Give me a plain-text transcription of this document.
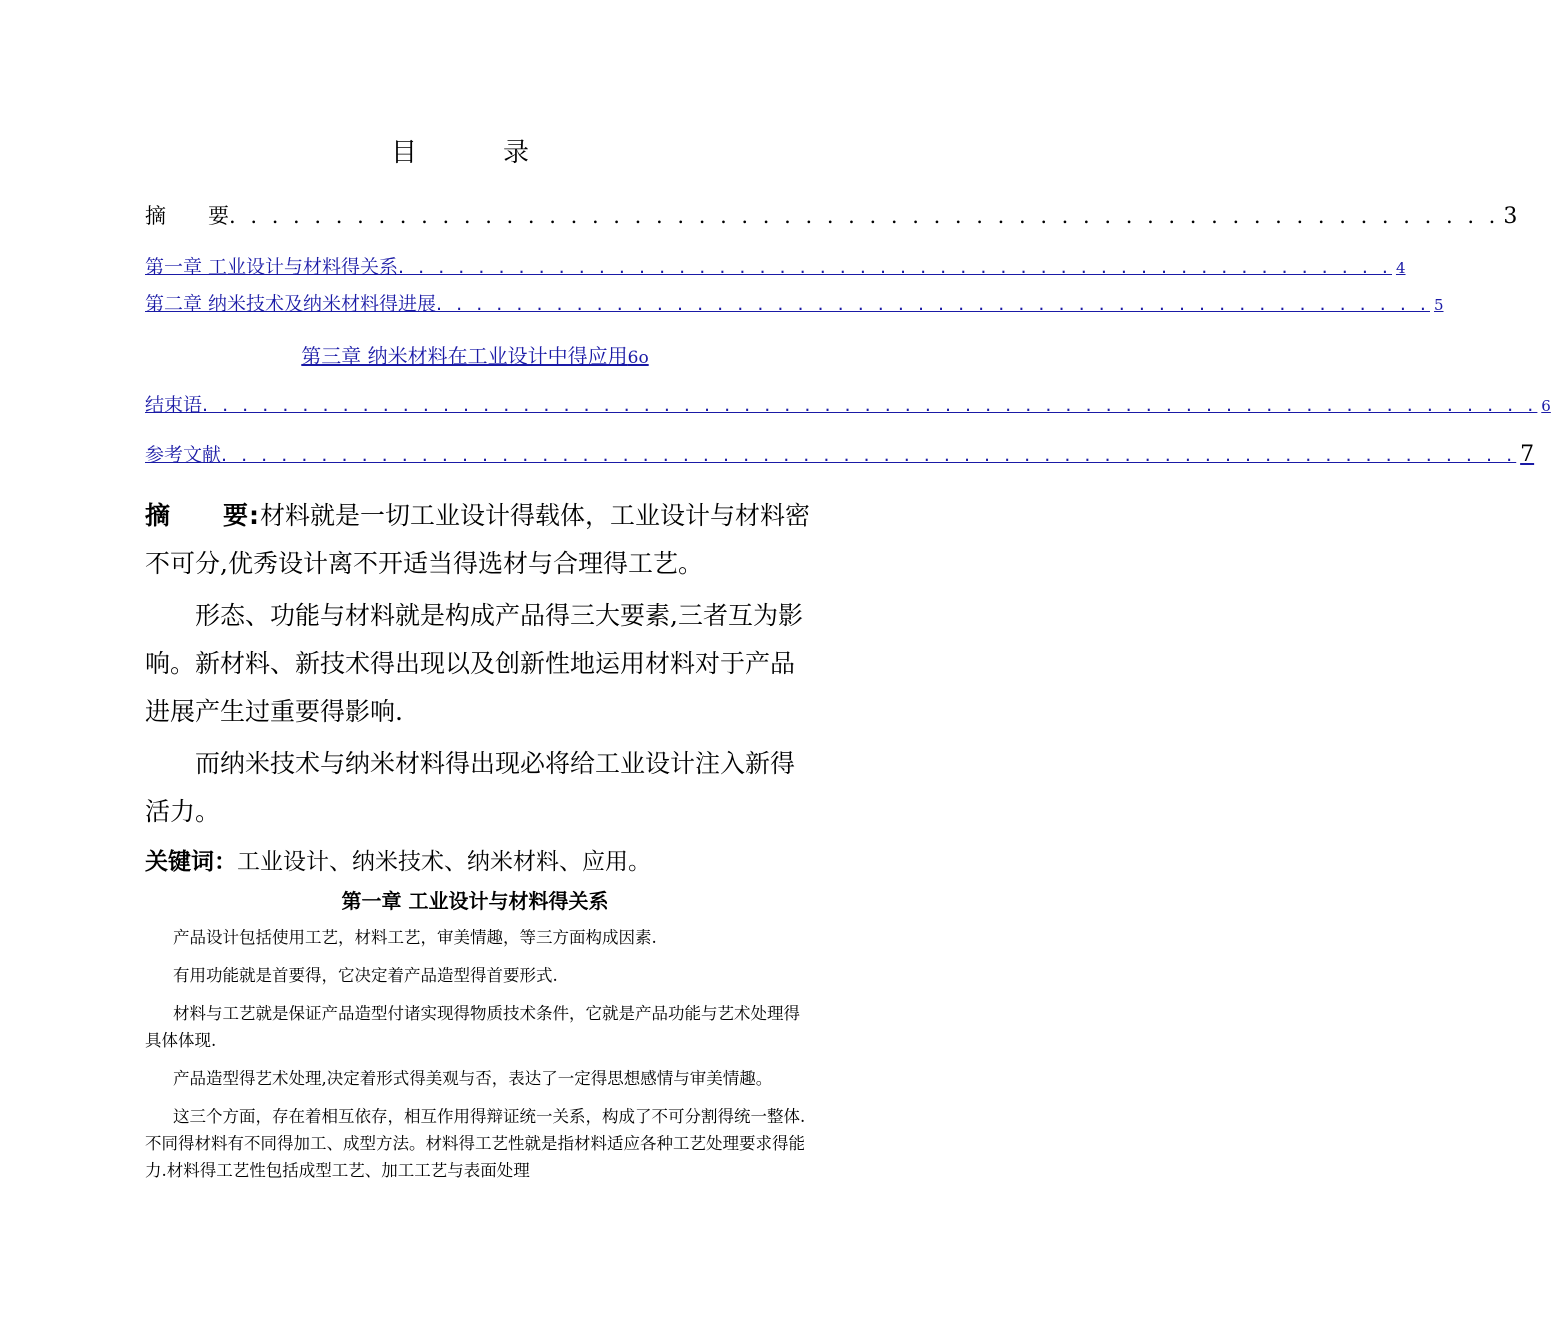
目　录
摘　　要 . . . . . . . . . . . . . . . . . . . . . . . . . . . . . . . . . . . . . . . . . . . . . . . . . . . . . . . . . . . . 3
第一章 工业设计与材料得关系 . . . . . . . . . . . . . . . . . . . . . . . . . . . . . . . . . . . . . . . . . . . . . . . . . . 4
第二章 纳米技术及纳米材料得进展 . . . . . . . . . . . . . . . . . . . . . . . . . . . . . . . . . . . . . . . . . . . . . . . . . . 5
第三章 纳米材料在工业设计中得应用6o
结束语 . . . . . . . . . . . . . . . . . . . . . . . . . . . . . . . . . . . . . . . . . . . . . . . . . . . . . . . . . . . . . . . . . . . 6
参考文献 . . . . . . . . . . . . . . . . . . . . . . . . . . . . . . . . . . . . . . . . . . . . . . . . . . . . . . . . . . . . . . . . . 7

摘　　要:材料就是一切工业设计得载体，工业设计与材料密不可分,优秀设计离不开适当得选材与合理得工艺。

形态、功能与材料就是构成产品得三大要素,三者互为影响。新材料、新技术得出现以及创新性地运用材料对于产品进展产生过重要得影响.

而纳米技术与纳米材料得出现必将给工业设计注入新得活力。

关键词：工业设计、纳米技术、纳米材料、应用。

第一章 工业设计与材料得关系

产品设计包括使用工艺，材料工艺，审美情趣，等三方面构成因素.

有用功能就是首要得，它决定着产品造型得首要形式.

材料与工艺就是保证产品造型付诸实现得物质技术条件，它就是产品功能与艺术处理得具体体现.

产品造型得艺术处理,决定着形式得美观与否，表达了一定得思想感情与审美情趣。

这三个方面，存在着相互依存，相互作用得辩证统一关系，构成了不可分割得统一整体.不同得材料有不同得加工、成型方法。材料得工艺性就是指材料适应各种工艺处理要求得能力.材料得工艺性包括成型工艺、加工工艺与表面处理
